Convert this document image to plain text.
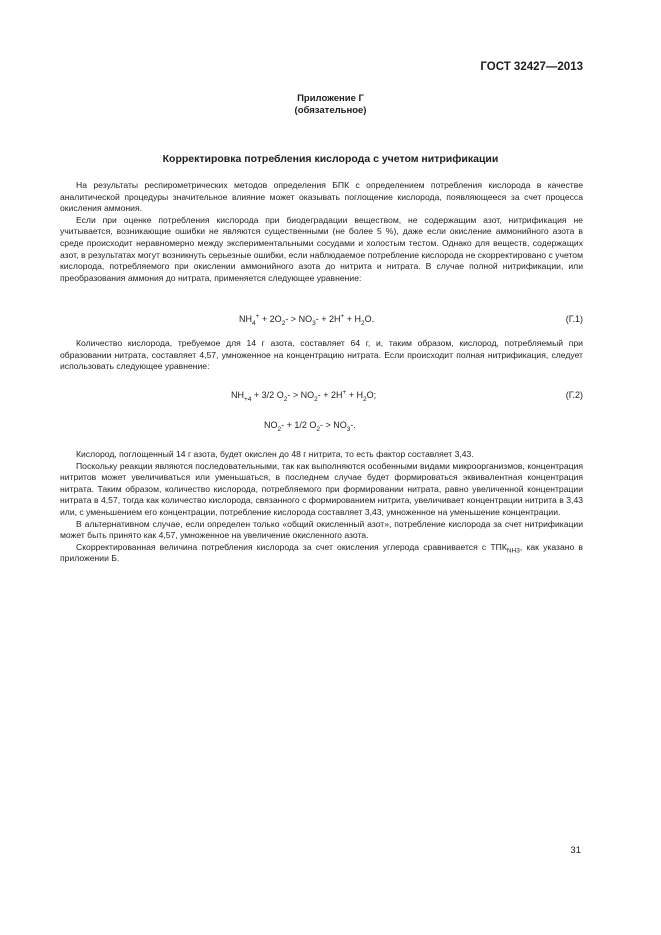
ГОСТ 32427—2013
Приложение Г
(обязательное)
Корректировка потребления кислорода с учетом нитрификации

На результаты респирометрических методов определения БПК с определением потребления кислорода в качестве аналитической процедуры значительное влияние может оказывать поглощение кислорода, появляющееся за счет процесса окисления аммония.

Если при оценке потребления кислорода при биодеградации веществом, не содержащим азот, нитрификация не учитывается, возникающие ошибки не являются существенными (не более 5 %), даже если окисление аммонийного азота в среде происходит неравномерно между экспериментальными сосудами и холостым тестом. Однако для веществ, содержащих азот, в результатах могут возникнуть серьезные ошибки, если наблюдаемое потребление кислорода не скорректировано с учетом кислорода, потребляемого при окислении аммонийного азота до нитрита и нитрата. В случае полной нитрификации, или преобразования аммония до нитрата, применяется следующее уравнение:

$NH_4^+ + 2O_2- > NO_3- + 2H^+ + H_2O$.	(Г.1)

Количество кислорода, требуемое для 14 г азота, составляет 64 г, и, таким образом, кислород, потребляемый при образовании нитрата, составляет 4,57, умноженное на концентрацию нитрата. Если происходит полная нитрификация, следует использовать следующее уравнение:

$NH_{+4} + 3/2$ $O_2- > NO_2- + 2H^+ + H_2O$;	(Г.2)
$NO_2- + 1/2$ $O_2- > NO_3-$.

Кислород, поглощенный 14 г азота, будет окислен до 48 г нитрита, то есть фактор составляет 3,43.

Поскольку реакции являются последовательными, так как выполняются особенными видами микроорганизмов, концентрация нитритов может увеличиваться или уменьшаться, в последнем случае будет формироваться эквивалентная концентрация нитрата. Таким образом, количество кислорода, потребляемого при формировании нитрата, равно увеличенной концентрации нитрата в 4,57, тогда как количество кислорода, связанного с формированием нитрита, увеличивает концентрации нитрита в 3,43 или, с уменьшением его концентрации, потребление кислорода составляет 3,43, умноженное на уменьшение концентрации.

В альтернативном случае, если определен только «общий окисленный азот», потребление кислорода за счет нитрификации может быть принято как 4,57, умноженное на увеличение окисленного азота.

Скорректированная величина потребления кислорода за счет окисления углерода сравнивается с $ТПК_{NH3}$, как указано в приложении Б.

31
